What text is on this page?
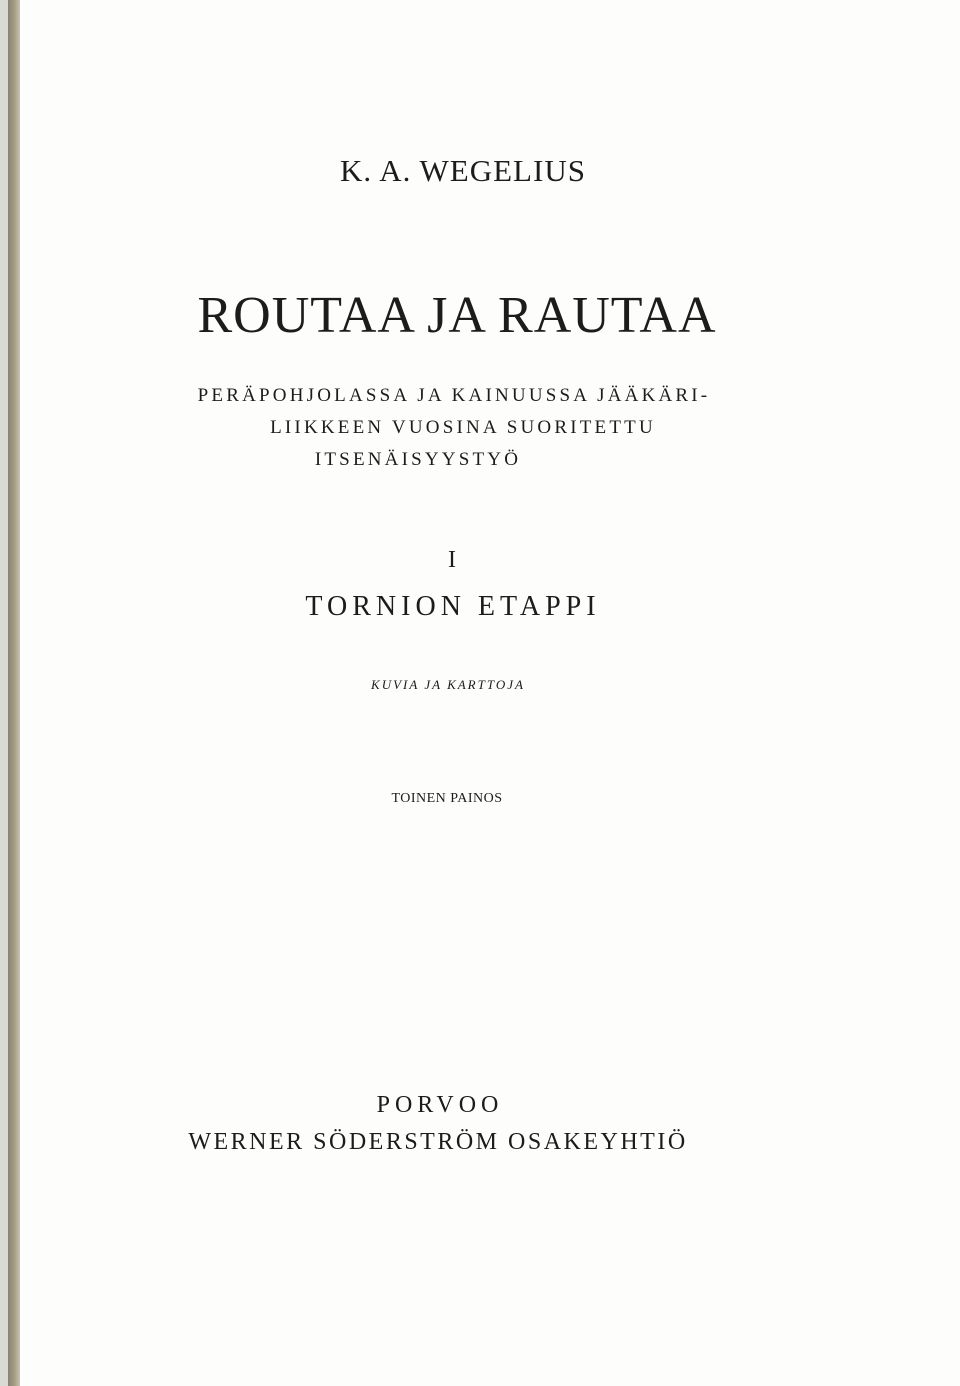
K. A. WEGELIUS
ROUTAA JA RAUTAA
PERÄPOHJOLASSA JA KAINUUSSA JÄÄKÄRI-
LIIKKEEN VUOSINA SUORITETTU
ITSENÄISYYSTYÖ
I
TORNION ETAPPI
KUVIA JA KARTTOJA
TOINEN PAINOS
PORVOO
WERNER SÖDERSTRÖM OSAKEYHTIÖ
